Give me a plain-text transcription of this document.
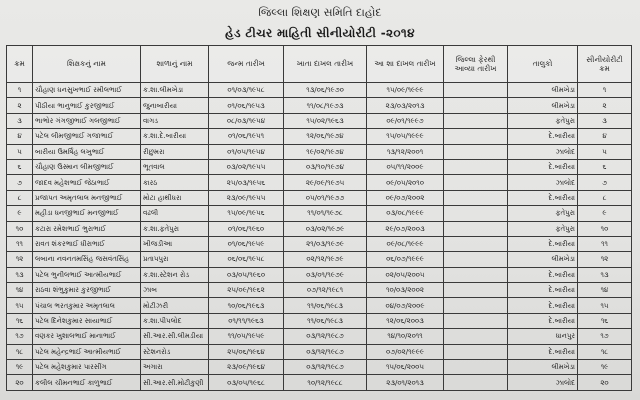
જિલ્લા શિક્ષણ સમિતિ દાહોદ
હેડ ટીચર માહિતી સીનીયોરીટી -૨૦૧૪
ક્રમ	શિક્ષકનું નામ	શાળાનું નામ	જન્મ તારીખ	ખાતા દાખલ તારીખ	આ શા દાખલ તારીખ	જિલ્લા ફેરથી આવ્યા તારીખ	તાલુકો	સીનીયોરીટી ક્રમ
૧	ચૌહાણ ધનસુખભાઈ રમીલભાઈ	ક.શા.લીમખેડા	૦૧/૦૩/૧૯૫૮	૧૩/૦૬/૧૯૭૦	૧૫/૦૯/૧૯૯૯		લીમખેડા	૧
૨	પીઠીયા ભાનુભાઈ કુરજીભાઈ	જુનાબારીયા	૦૧/૦૬/૧૯૫૩	૧૧/૦૮/૧૯૭૩	૨૩/૦૩/૨૦૧૩		લીમખેડા	૨
૩	ભાભોર ગંગજીભાઈ ગલજીભાઈ	વાગડ	૦૮/૦૩/૧૯૫૪	૧૫/૦૨/૧૯૬૩	૦૯/૦૧/૧૯૯૭		ફતેપુરા	૩
૪	પટેલ લીમજીભાઈ ગજાભાઈ	ક.શા.દે.બારીયા	૦૧/૦૬/૧૯૫૧	૧૨/૦૬/૧૯૭૪	૧૫/૦૫/૧૯૯૯		દે.બારીયા	૪
૫	બારીયા ઉમર્ષિંહ લખુભાઈ	રીછુમરા	૦૧/૦૫/૧૯૫૪	૧૯/૦૨/૧૯૭૪	૧૩/૧૨/૨૦૦૧		ઝાલોદ	૫
૬	ચૌહાણ ઉસ્માન લીમજીભાઈ	ભૂતવાલ	૦૩/૦૨/૧૯૫૫	૦૩/૧૦/૧૯૭૪	૦૫/૧૧/૨૦૦૯		દે.બારીયા	૬
૭	જાદવ મહેશભાઈ જેઠાભાઈ	કારઠ	૨૫/૦૩/૧૯૫૬	૨૯/૦૯/૧૯૭૫	૦૯/૦૫/૨૦૧૦		ઝાલોદ	૭
૮	પ્રજાપત અમૃતલાલ મનજીભાઈ	મોટા હાથીધરા	૨૩/૦૯/૧૯૫૫	૦૫/૦૧/૧૯૭૭	૦૯/૦૭/૨૦૦૨		દે.બારીયા	૮
૯	મહીડા ધનજીભાઈ મનજીભાઈ	વઢલી	૧૫/૦૯/૧૯૫૬	૧૧/૦૧/૧૯૭૮	૦૩/૦૮/૧૯૯૯		ફતેપુરા	૯
૧૦	કટારા રમેશભાઈ ભુરાભાઈ	ક.શા.ફતેપુરા	૦૧/૦૬/૧૯૬૦	૦૩/૦૨/૧૯૭૯	૨૯/૦૭/૨૦૦૩		ફતેપુરા	૧૦
૧૧	રાવત શંકરભાઈ ધીરાભાઈ	ખીજડીઆ	૦૧/૦૬/૧૯૫૯	૨૧/૦૩/૧૯૭૯	૦૯/૦૮/૧૯૯૯		દે.બારીયા	૧૧
૧૨	લબાના નવનતમસિંહ જસવંતસિંહ	પ્રતાપપુરા	૦૬/૦૬/૧૯૫૮	૦૨/૧૨/૧૯૭૯	૦૬/૦૭/૧૯૯૯		લીમખેડા	૧૨
૧૩	પટેલ ભુનીલભાઈ આત્મીયભાઈ	ક.શા.સ્ટેશન રોડ	૦૩/૦૫/૧૯૬૦	૦૩/૦૧/૧૯૭૯	૦૨/૦૫/૨૦૦૫		દે.બારીયા	૧૩
૧૪	રાઠવા શંભુકુમાર કુરજીભાઈ	ઝાબ	૨૫/૦૯/૧૯૬૨	૦૭/૧૨/૧૯૮૧	૧૦/૦૩/૨૦૦૨		દે.બારીયા	૧૪
૧૫	પંચાલ ભરતકુમાર અમૃતલાલ	મોટીઝરી	૧૦/૦૬/૧૯૬૩	૧૧/૦૬/૧૯૮૩	૦૪/૦૭/૨૦૦૯		દે.બારીયા	૧૫
૧૬	પટેલ દિનેશકુમાર સાયાભાઈ	ક.શા.પીપલોદ	૦૧/૧૧/૧૯૬૩	૧૧/૦૬/૧૯૮૩	૧૨/૦૬/૨૦૦૩		દે.બારીયા	૧૬
૧૭	વણકર ખુશાલભાઈ માનાભાઈ	સી.આર.સી.લીમડીયા	૧૧/૦૫/૧૯૫૯	૦૩/૧૨/૧૯૮૭	૧૪/૧૦/૨૦૧૧		ધાનપુર	૧૭
૧૮	પટેલ મહેન્દ્રભાઈ આત્મીયભાઈ	સ્ટેશનરોડ	૨૫/૦૬/૧૯૬૪	૦૩/૧૨/૧૯૮૭	૦૭/૦૨/૧૯૯૯		દે.બારીયા	૧૮
૧૯	પટેલ મહેશકુમાર પારસીંગ	અગારા	૨૩/૦૯/૧૯૬૪	૦૩/૧૨/૧૯૮૭	૧૫/૦૬/૨૦૦૫		લીમખેડા	૧૯
૨૦	કલીલ ચીમનભાઈ કાળુભાઈ	સી.આર.સી.મોટીકુણી	૦૩/૦૫/૧૯૬૮	૧૦/૧૨/૧૯૮૮	૨૩/૦૧/૨૦૧૩		ઝાલોદ	૨૦
